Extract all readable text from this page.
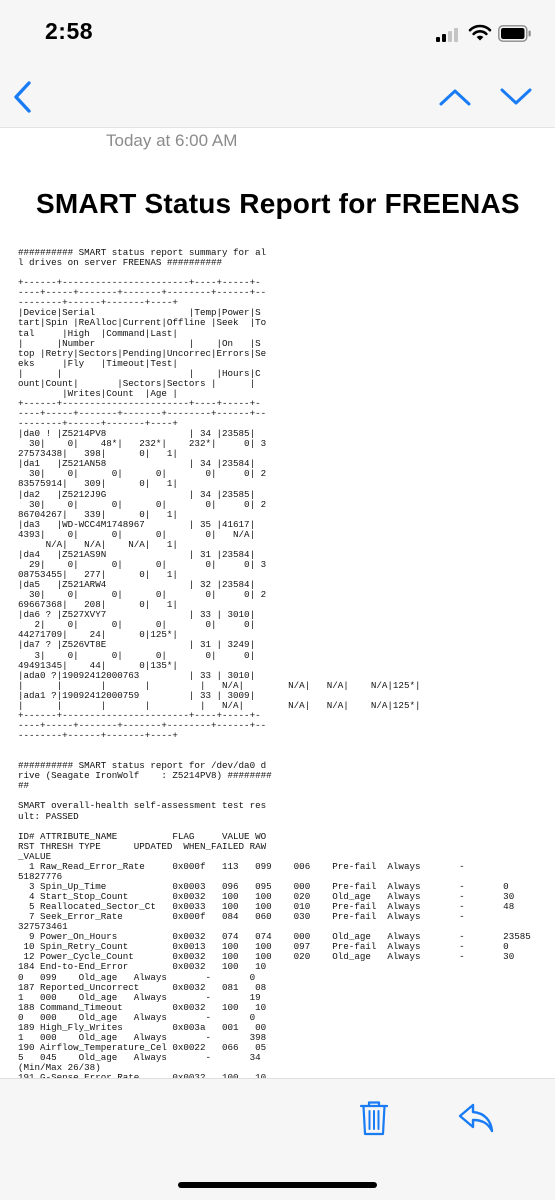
2:58
Today at 6:00 AM
SMART Status Report for FREENAS
########## SMART status report summary for al
l drives on server FREENAS ##########

+------+-----------------------+----+-----+-
----+-----+-------+-------+--------+------+--
--------+------+-------+----+
|Device|Serial                 |Temp|Power|S
tart|Spin |ReAlloc|Current|Offline |Seek  |To
tal     |High  |Command|Last|
|      |Number                 |    |On   |S
top |Retry|Sectors|Pending|Uncorrec|Errors|Se
eks     |Fly   |Timeout|Test|
|      |                       |    |Hours|C
ount|Count|       |Sectors|Sectors |      |
|Writes|Count  |Age |
+------+-----------------------+----+-----+-
----+-----+-------+-------+--------+------+--
--------+------+-------+----+
|da0 ! |Z5214PV8               | 34 |23585|
30|    0|    48*|   232*|    232*|     0| 3
27573438|   398|      0|   1|
|da1   |Z521AN58               | 34 |23584|
30|    0|      0|      0|       0|     0| 2
83575914|   309|      0|   1|
|da2   |Z5212J9G               | 34 |23585|
30|    0|      0|      0|       0|     0| 2
86704267|   339|      0|   1|
|da3   |WD-WCC4M1748967        | 35 |41617|
4393|    0|      0|      0|       0|   N/A|
N/A|   N/A|    N/A|   1|
|da4   |Z521AS9N               | 31 |23584|
29|    0|      0|      0|       0|     0| 3
08753455|   277|      0|   1|
|da5   |Z521ARW4               | 32 |23584|
30|    0|      0|      0|       0|     0| 2
69667368|   208|      0|   1|
|da6 ? |Z527XVY7               | 33 | 3010|
2|    0|      0|      0|       0|     0|
44271709|    24|      0|125*|
|da7 ? |Z526VT8E               | 31 | 3249|
3|    0|      0|      0|       0|     0|
49491345|    44|      0|135*|
|ada0 ?|19092412000763         | 33 | 3010|
|      |       |       |         |   N/A|        N/A|   N/A|    N/A|125*|
|ada1 ?|19092412000759         | 33 | 3009|
|      |       |       |         |   N/A|        N/A|   N/A|    N/A|125*|
+------+-----------------------+----+-----+-
----+-----+-------+-------+--------+------+--
--------+------+-------+----+

########## SMART status report for /dev/da0 d
rive (Seagate IronWolf    : Z5214PV8) ########
##

SMART overall-health self-assessment test res
ult: PASSED

ID# ATTRIBUTE_NAME          FLAG     VALUE WO
RST THRESH TYPE      UPDATED  WHEN_FAILED RAW
_VALUE
1 Raw_Read_Error_Rate     0x000f   113   099    006    Pre-fail  Always       -
51827776
3 Spin_Up_Time            0x0003   096   095    000    Pre-fail  Always       -       0
4 Start_Stop_Count        0x0032   100   100    020    Old_age   Always       -       30
5 Reallocated_Sector_Ct   0x0033   100   100    010    Pre-fail  Always       -       48
7 Seek_Error_Rate         0x000f   084   060    030    Pre-fail  Always       -
327573461
9 Power_On_Hours          0x0032   074   074    000    Old_age   Always       -       23585
10 Spin_Retry_Count        0x0013   100   100    097    Pre-fail  Always       -       0
12 Power_Cycle_Count       0x0032   100   100    020    Old_age   Always       -       30
184 End-to-End_Error        0x0032   100   10
0   099    Old_age   Always       -       0
187 Reported_Uncorrect      0x0032   081   08
1   000    Old_age   Always       -       19
188 Command_Timeout         0x0032   100   10
0   000    Old_age   Always       -       0
189 High_Fly_Writes         0x003a   001   00
1   000    Old_age   Always       -       398
190 Airflow_Temperature_Cel 0x0022   066   05
5   045    Old_age   Always       -       34
(Min/Max 26/38)
